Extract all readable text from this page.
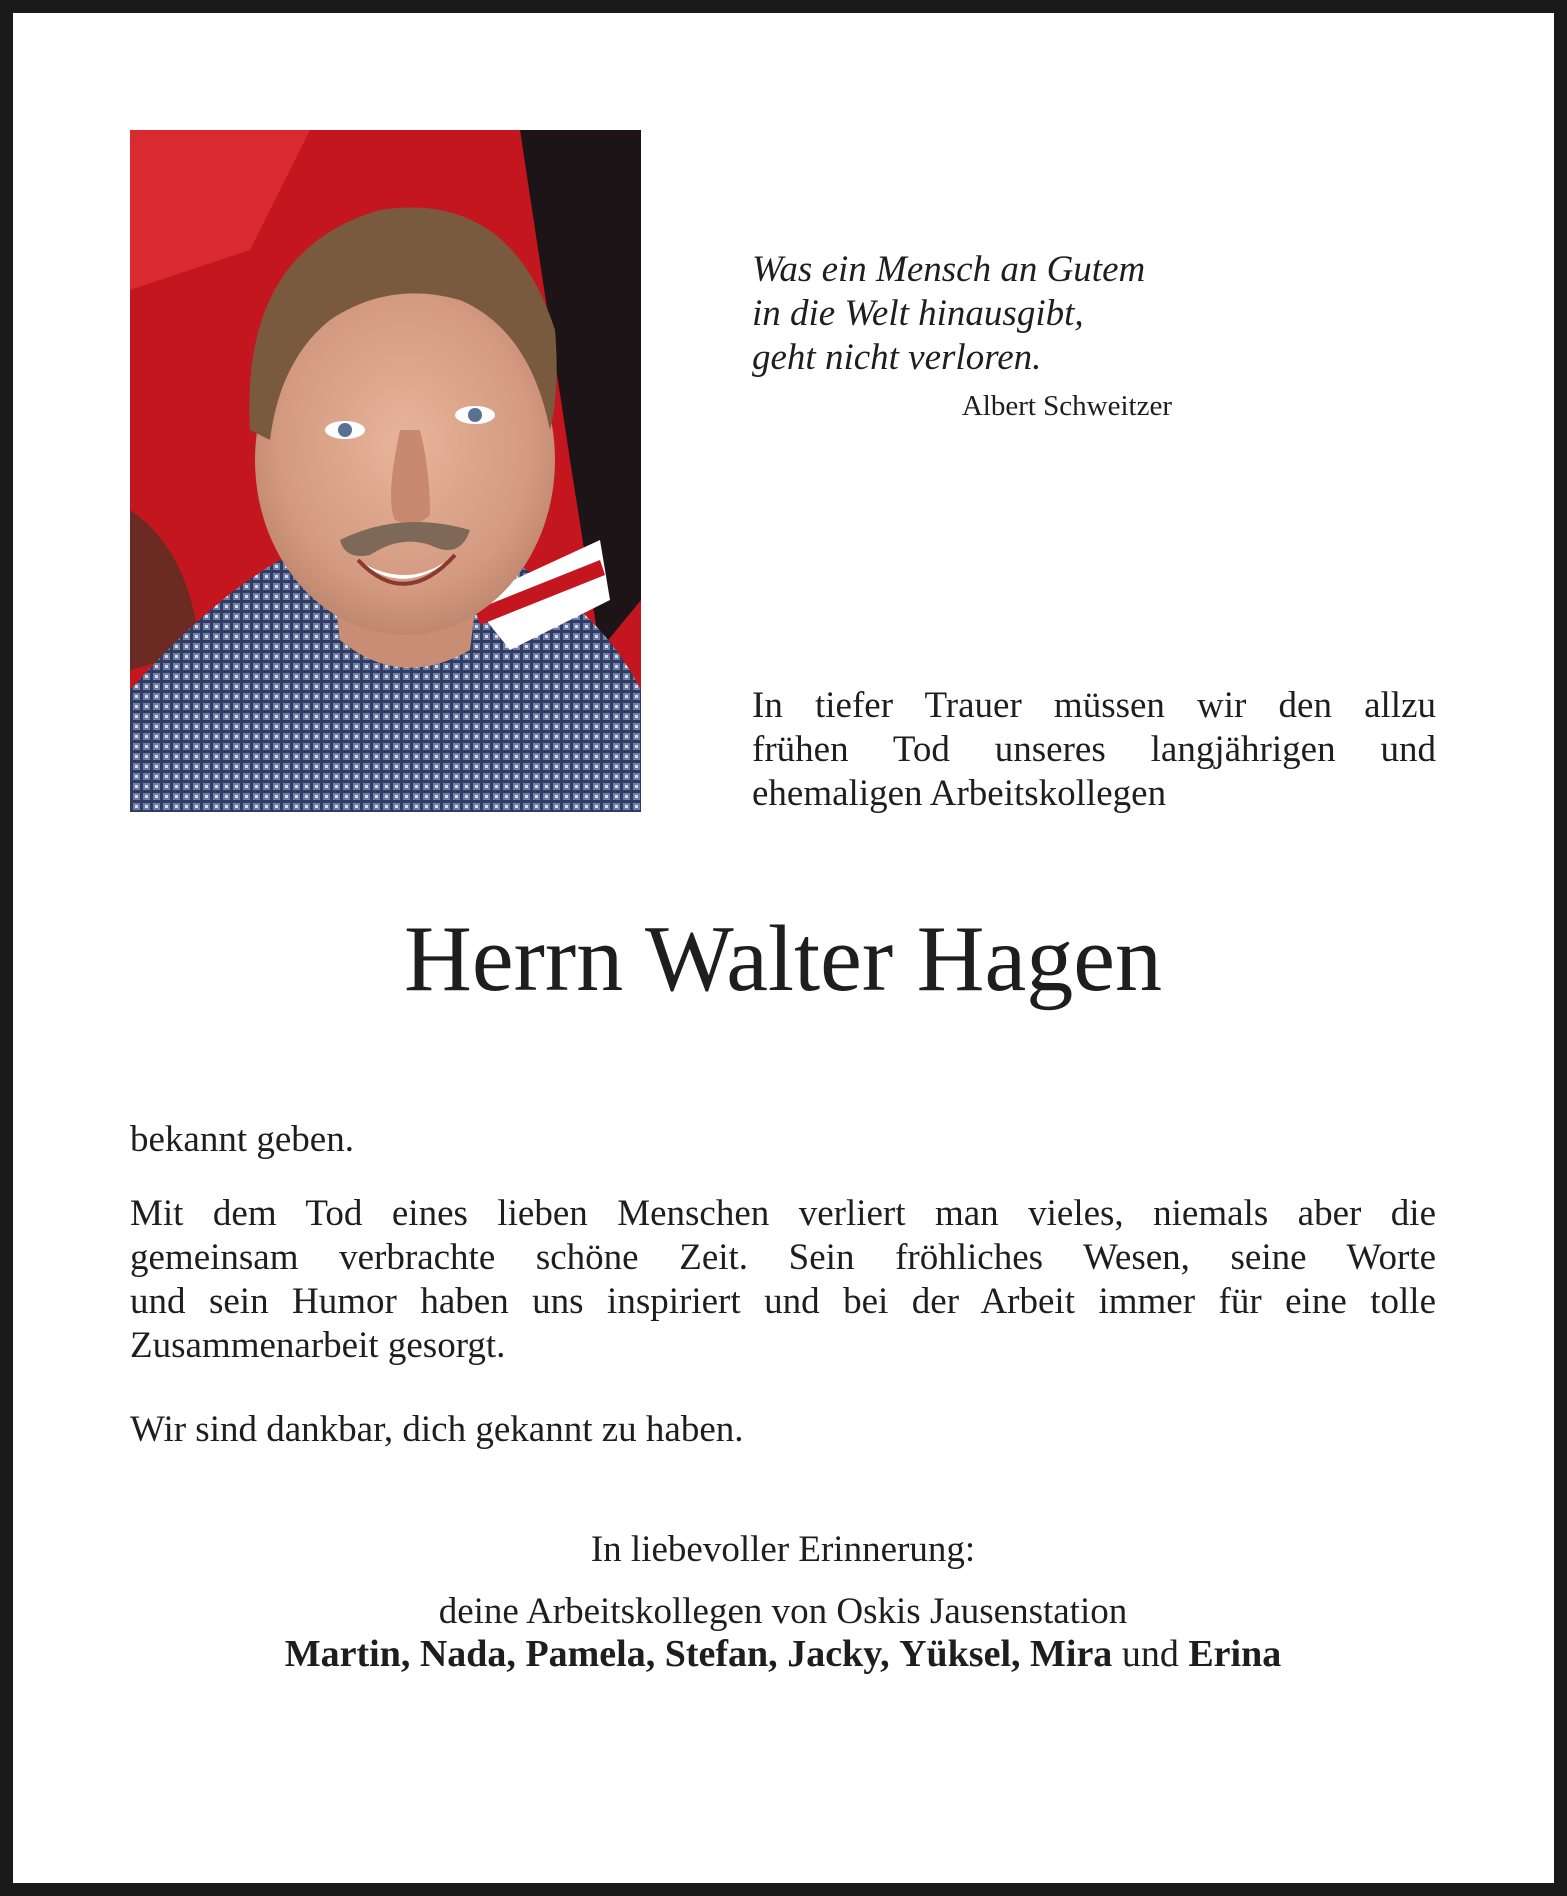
Was ein Mensch an Gutem
in die Welt hinausgibt,
geht nicht verloren.
Albert Schweitzer
In tiefer Trauer müssen wir den allzu
frühen Tod unseres langjährigen und
ehemaligen Arbeitskollegen
Herrn Walter Hagen
bekannt geben.
Mit dem Tod eines lieben Menschen verliert man vieles, niemals aber die
gemeinsam verbrachte schöne Zeit. Sein fröhliches Wesen, seine Worte
und sein Humor haben uns inspiriert und bei der Arbeit immer für eine tolle
Zusammenarbeit gesorgt.
Wir sind dankbar, dich gekannt zu haben.
In liebevoller Erinnerung:
deine Arbeitskollegen von Oskis Jausenstation
Martin, Nada, Pamela, Stefan, Jacky, Yüksel, Mira und Erina
